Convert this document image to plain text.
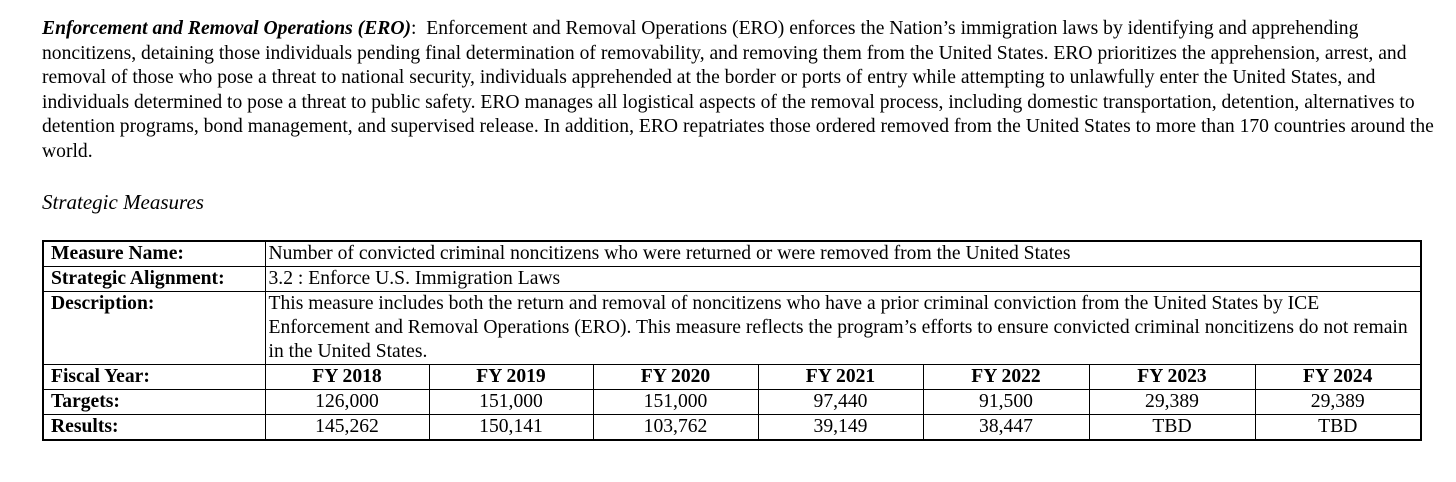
Enforcement and Removal Operations (ERO): Enforcement and Removal Operations (ERO) enforces the Nation’s immigration laws by identifying and apprehending noncitizens, detaining those individuals pending final determination of removability, and removing them from the United States. ERO prioritizes the apprehension, arrest, and removal of those who pose a threat to national security, individuals apprehended at the border or ports of entry while attempting to unlawfully enter the United States, and individuals determined to pose a threat to public safety. ERO manages all logistical aspects of the removal process, including domestic transportation, detention, alternatives to detention programs, bond management, and supervised release. In addition, ERO repatriates those ordered removed from the United States to more than 170 countries around the world.

Strategic Measures
Measure Name:	Number of convicted criminal noncitizens who were returned or were removed from the United States						
Strategic Alignment:	3.2 : Enforce U.S. Immigration Laws						
Description:	This measure includes both the return and removal of noncitizens who have a prior criminal conviction from the United States by ICE Enforcement and Removal Operations (ERO). This measure reflects the program’s efforts to ensure convicted criminal noncitizens do not remain in the United States.						
Fiscal Year:	FY 2018	FY 2019	FY 2020	FY 2021	FY 2022	FY 2023	FY 2024
Targets:	126,000	151,000	151,000	97,440	91,500	29,389	29,389
Results:	145,262	150,141	103,762	39,149	38,447	TBD	TBD
